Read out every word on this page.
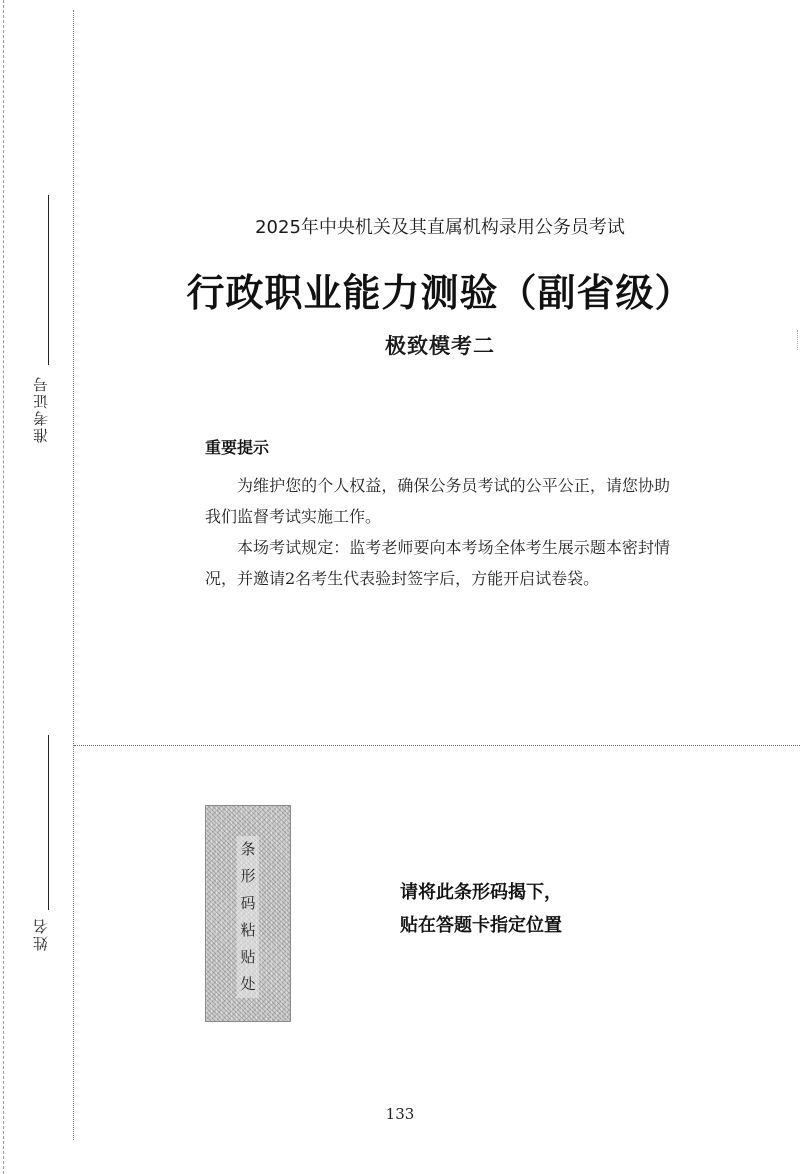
准考证号
姓名
2025年中央机关及其直属机构录用公务员考试
行政职业能力测验（副省级）
极致模考二
重要提示

为维护您的个人权益，确保公务员考试的公平公正，请您协助我们监督考试实施工作。

本场考试规定：监考老师要向本考场全体考生展示题本密封情况，并邀请2名考生代表验封签字后，方能开启试卷袋。

条
形
码
粘
贴
处
请将此条形码揭下，
贴在答题卡指定位置
133
